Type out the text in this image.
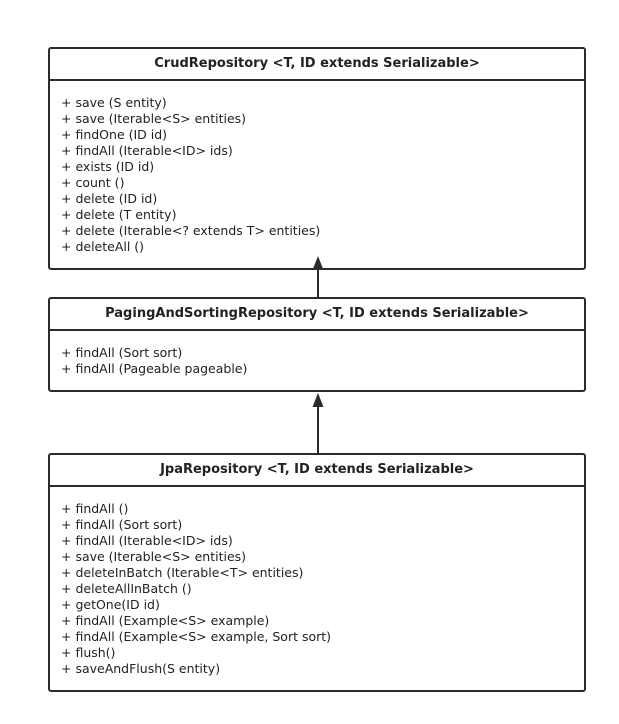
CrudRepository <T, ID extends Serializable>
+ save (S entity)
+ save (Iterable<S> entities)
+ findOne (ID id)
+ findAll (Iterable<ID> ids)
+ exists (ID id)
+ count ()
+ delete (ID id)
+ delete (T entity)
+ delete (Iterable<? extends T> entities)
+ deleteAll ()
PagingAndSortingRepository <T, ID extends Serializable>
+ findAll (Sort sort)
+ findAll (Pageable pageable)
JpaRepository <T, ID extends Serializable>
+ findAll ()
+ findAll (Sort sort)
+ findAll (Iterable<ID> ids)
+ save (Iterable<S> entities)
+ deleteInBatch (Iterable<T> entities)
+ deleteAllInBatch ()
+ getOne(ID id)
+ findAll (Example<S> example)
+ findAll (Example<S> example, Sort sort)
+ flush()
+ saveAndFlush(S entity)
